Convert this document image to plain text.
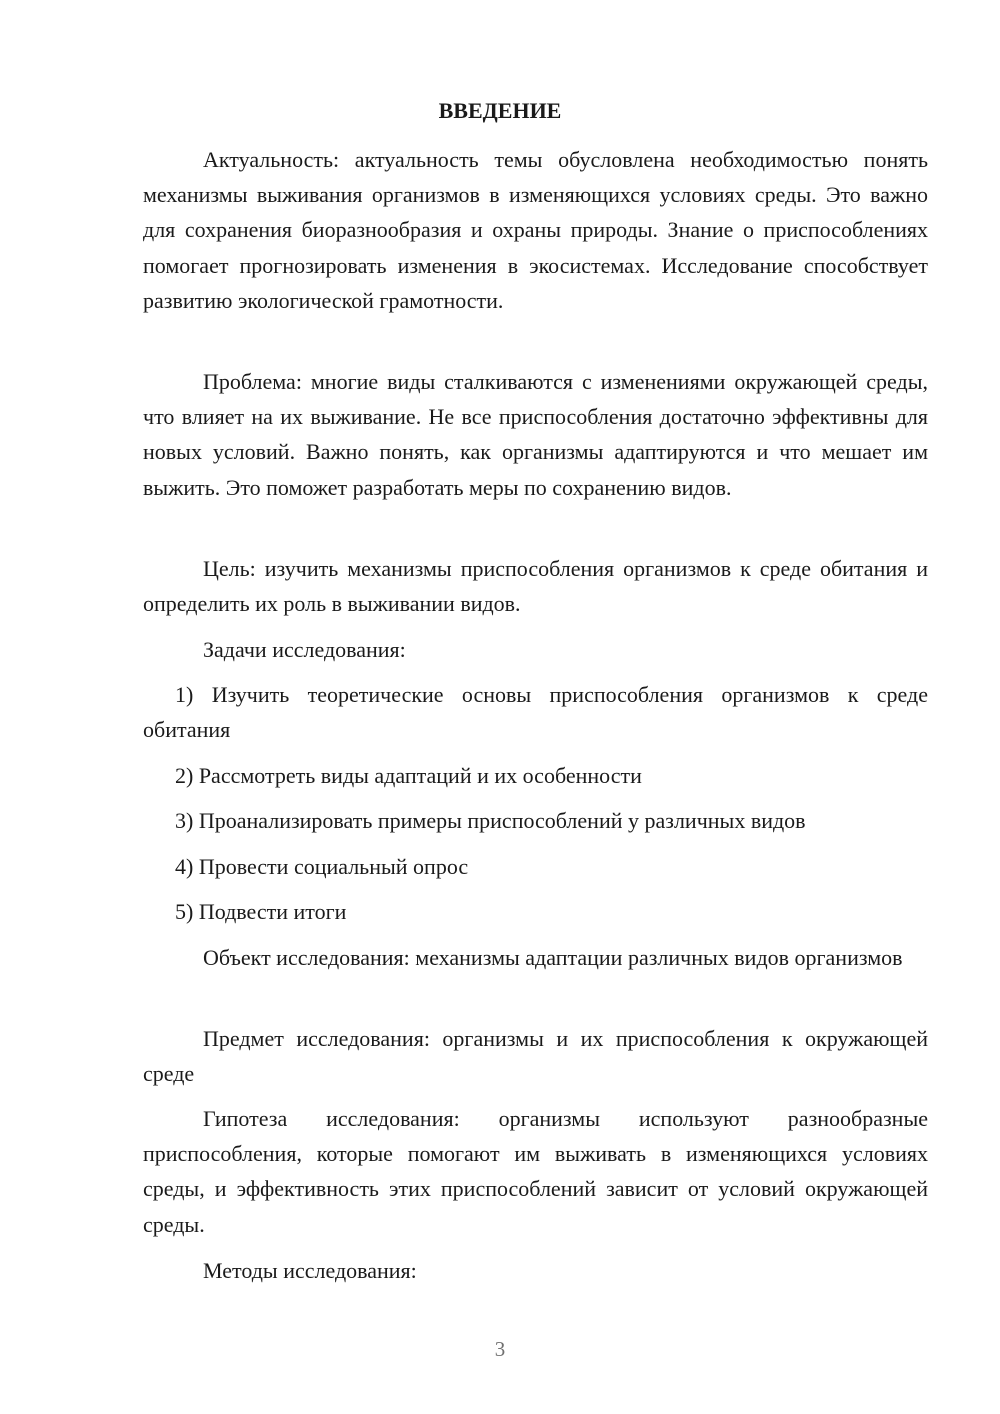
ВВЕДЕНИЕ

Актуальность: актуальность темы обусловлена необходимостью понять механизмы выживания организмов в изменяющихся условиях среды. Это важно для сохранения биоразнообразия и охраны природы. Знание о приспособлениях помогает прогнозировать изменения в экосистемах. Исследование способствует развитию экологической грамотности.

Проблема: многие виды сталкиваются с изменениями окружающей среды, что влияет на их выживание. Не все приспособления достаточно эффективны для новых условий. Важно понять, как организмы адаптируются и что мешает им выжить. Это поможет разработать меры по сохранению видов.

Цель: изучить механизмы приспособления организмов к среде обитания и определить их роль в выживании видов.

Задачи исследования:

1) Изучить теоретические основы приспособления организмов к среде обитания

2) Рассмотреть виды адаптаций и их особенности

3) Проанализировать примеры приспособлений у различных видов

4) Провести социальный опрос

5) Подвести итоги

Объект исследования: механизмы адаптации различных видов организмов

Предмет исследования: организмы и их приспособления к окружающей среде

Гипотеза исследования: организмы используют разнообразные приспособления, которые помогают им выживать в изменяющихся условиях среды, и эффективность этих приспособлений зависит от условий окружающей среды.

Методы исследования:

3
